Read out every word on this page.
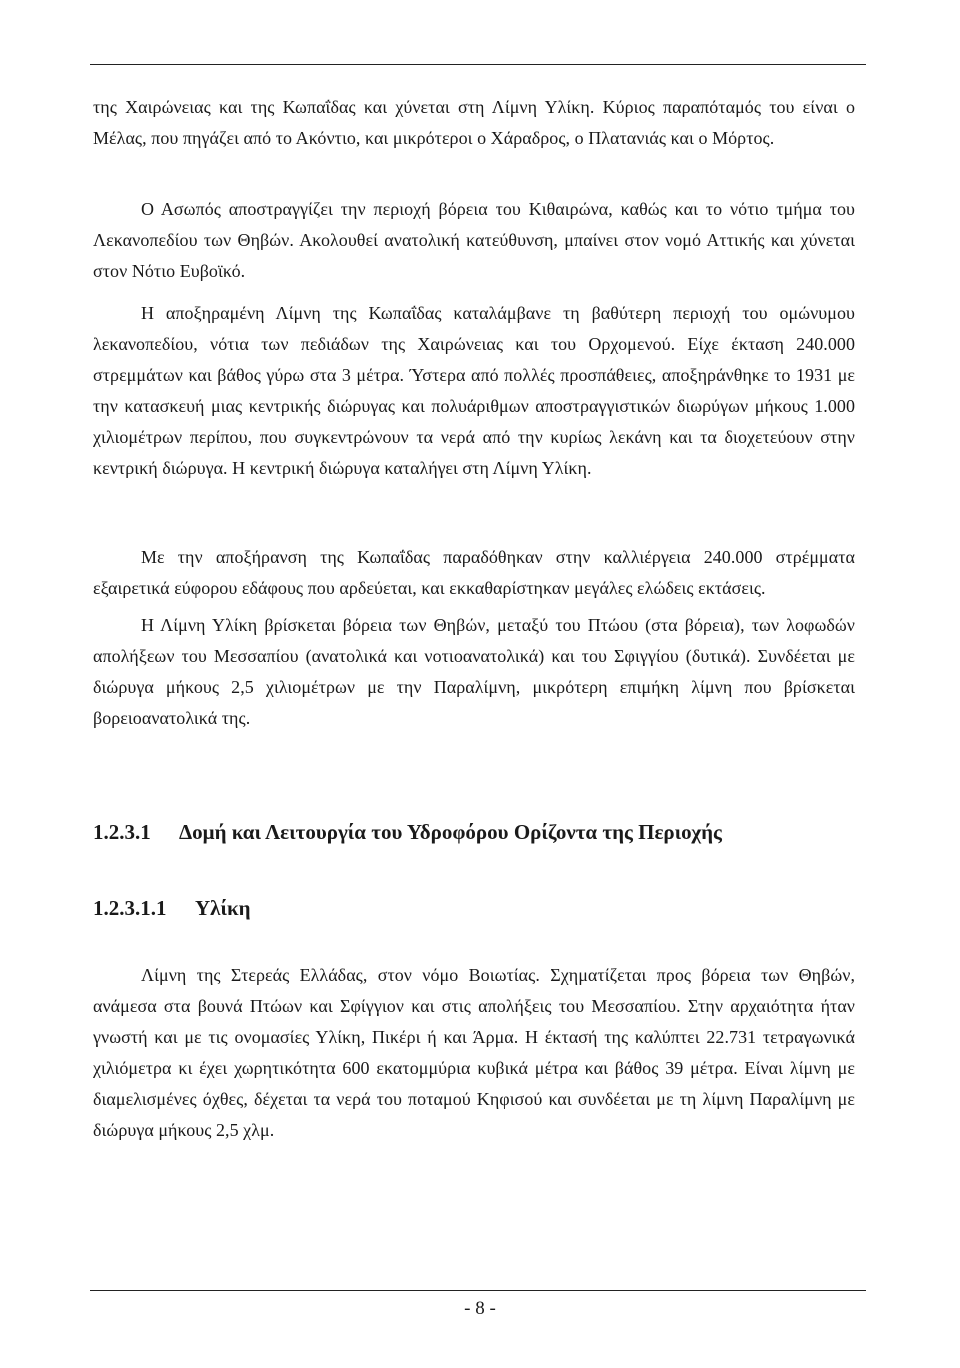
της Χαιρώνειας και της Κωπαΐδας και χύνεται στη Λίμνη Υλίκη. Κύριος παραπόταμός του είναι ο Μέλας, που πηγάζει από το Ακόντιο, και μικρότεροι ο Χάραδρος, ο Πλατανιάς και ο Μόρτος.

Ο Ασωπός αποστραγγίζει την περιοχή βόρεια του Κιθαιρώνα, καθώς και το νότιο τμήμα του Λεκανοπεδίου των Θηβών. Ακολουθεί ανατολική κατεύθυνση, μπαίνει στον νομό Αττικής και χύνεται στον Νότιο Ευβοϊκό.

Η αποξηραμένη Λίμνη της Κωπαΐδας καταλάμβανε τη βαθύτερη περιοχή του ομώνυμου λεκανοπεδίου, νότια των πεδιάδων της Χαιρώνειας και του Ορχομενού. Είχε έκταση 240.000 στρεμμάτων και βάθος γύρω στα 3 μέτρα. Ύστερα από πολλές προσπάθειες, αποξηράνθηκε το 1931 με την κατασκευή μιας κεντρικής διώρυγας και πολυάριθμων αποστραγγιστικών διωρύγων μήκους 1.000 χιλιομέτρων περίπου, που συγκεντρώνουν τα νερά από την κυρίως λεκάνη και τα διοχετεύουν στην κεντρική διώρυγα. Η κεντρική διώρυγα καταλήγει στη Λίμνη Υλίκη.

Με την αποξήρανση της Κωπαΐδας παραδόθηκαν στην καλλιέργεια 240.000 στρέμματα εξαιρετικά εύφορου εδάφους που αρδεύεται, και εκκαθαρίστηκαν μεγάλες ελώδεις εκτάσεις.

Η Λίμνη Υλίκη βρίσκεται βόρεια των Θηβών, μεταξύ του Πτώου (στα βόρεια), των λοφωδών απολήξεων του Μεσσαπίου (ανατολικά και νοτιοανατολικά) και του Σφιγγίου (δυτικά). Συνδέεται με διώρυγα μήκους 2,5 χιλιομέτρων με την Παραλίμνη, μικρότερη επιμήκη λίμνη που βρίσκεται βορειοανατολικά της.

1.2.3.1 Δομή και Λειτουργία του Υδροφόρου Ορίζοντα της Περιοχής
1.2.3.1.1 Υλίκη

Λίμνη της Στερεάς Ελλάδας, στον νόμο Βοιωτίας. Σχηματίζεται προς βόρεια των Θηβών, ανάμεσα στα βουνά Πτώων και Σφίγγιον και στις απολήξεις του Μεσσαπίου. Στην αρχαιότητα ήταν γνωστή και με τις ονομασίες Υλίκη, Πικέρι ή και Άρμα. Η έκτασή της καλύπτει 22.731 τετραγωνικά χιλιόμετρα κι έχει χωρητικότητα 600 εκατομμύρια κυβικά μέτρα και βάθος 39 μέτρα. Είναι λίμνη με διαμελισμένες όχθες, δέχεται τα νερά του ποταμού Κηφισού και συνδέεται με τη λίμνη Παραλίμνη με διώρυγα μήκους 2,5 χλμ.

- 8 -
